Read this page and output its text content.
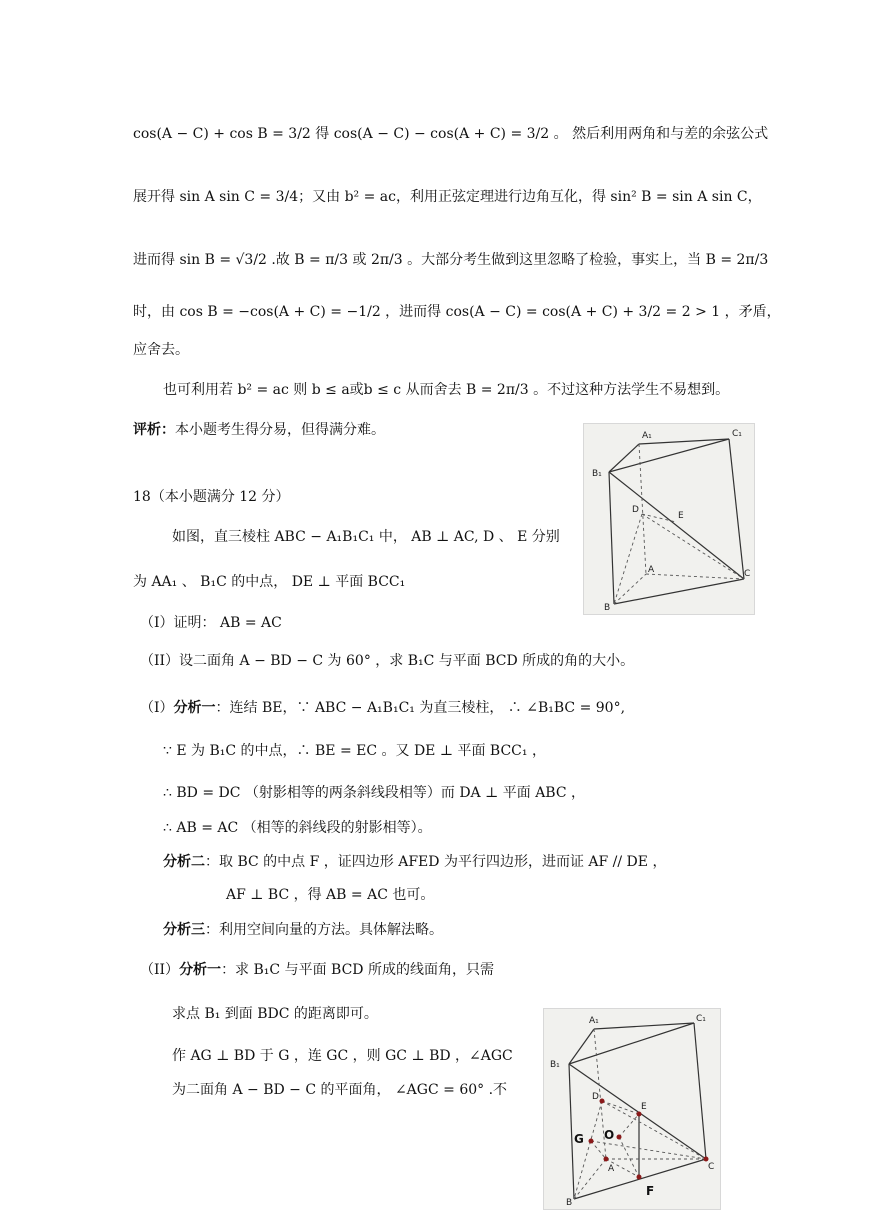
cos(A − C) + cos B = 3/2 得 cos(A − C) − cos(A + C) = 3/2 。 然后利用两角和与差的余弦公式
展开得 sin A sin C = 3/4；又由 b² = ac，利用正弦定理进行边角互化，得 sin² B = sin A sin C，
进而得 sin B = √3/2 .故 B = π/3 或 2π/3 。大部分考生做到这里忽略了检验，事实上，当 B = 2π/3
时，由 cos B = −cos(A + C) = −1/2 ，进而得 cos(A − C) = cos(A + C) + 3/2 = 2 > 1 ，矛盾，
应舍去。
也可利用若 b² = ac 则 b ≤ a或b ≤ c 从而舍去 B = 2π/3 。不过这种方法学生不易想到。
评析：本小题考生得分易，但得满分难。
18（本小题满分 12 分）
如图，直三棱柱 ABC − A₁B₁C₁ 中， AB ⊥ AC, D 、 E 分别
为 AA₁ 、 B₁C 的中点， DE ⊥ 平面 BCC₁
（I）证明： AB = AC
（II）设二面角 A − BD − C 为 60° ，求 B₁C 与平面 BCD 所成的角的大小。
（I）分析一：连结 BE，∵ ABC − A₁B₁C₁ 为直三棱柱， ∴ ∠B₁BC = 90°,
∵ E 为 B₁C 的中点，∴ BE = EC 。又 DE ⊥ 平面 BCC₁ ，
∴ BD = DC （射影相等的两条斜线段相等）而 DA ⊥ 平面 ABC ，
∴ AB = AC （相等的斜线段的射影相等）。
分析二：取 BC 的中点 F ，证四边形 AFED 为平行四边形，进而证 AF // DE ，
AF ⊥ BC ，得 AB = AC 也可。
分析三：利用空间向量的方法。具体解法略。
（II）分析一：求 B₁C 与平面 BCD 所成的线面角，只需
求点 B₁ 到面 BDC 的距离即可。
作 AG ⊥ BD 于 G ，连 GC ，则 GC ⊥ BD ，∠AGC
为二面角 A − BD − C 的平面角， ∠AGC = 60° .不
A₁	C₁
B₁
D
E
A	C
B
A₁	C₁
B₁
D
E
G O
A	C
B
F
